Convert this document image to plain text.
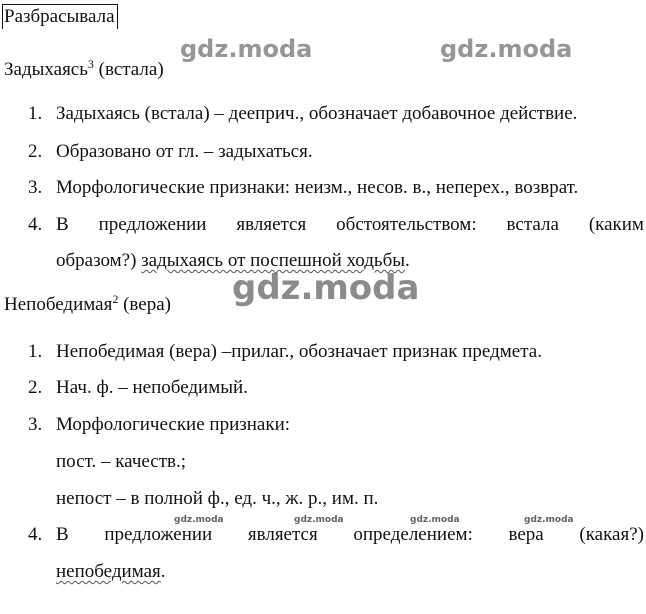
Разбрасывала
Задыхаясь$^3$ (встала)
1. Задыхаясь (встала) – дееприч., обозначает добавочное действие.
2. Образовано от гл. – задыхаться.
3. Морфологические признаки: неизм., несов. в., неперех., возврат.
4. В предложении является обстоятельством: встала (каким
образом?) задыхаясь от поспешной ходьбы.
Непобедимая$^2$ (вера)
1. Непобедимая (вера) –прилаг., обозначает признак предмета.
2. Нач. ф. – непобедимый.
3. Морфологические признаки:
пост. – качеств.;
непост – в полной ф., ед. ч., ж. р., им. п.
4. В предложении является определением: вера (какая?)
непобедимая.
gdz.moda	gdz.moda
gdz.moda
gdz.moda	gdz.moda	gdz.moda	gdz.moda
